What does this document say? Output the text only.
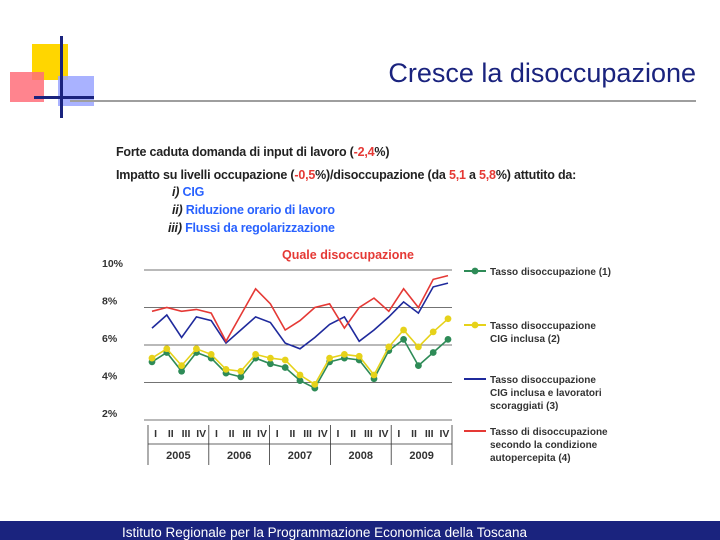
Cresce la disoccupazione
Forte caduta domanda di input di lavoro (-2,4%)
Impatto su livelli occupazione (-0,5%)/disoccupazione (da 5,1 a 5,8%) attutito da:
i) CIG
ii) Riduzione orario di lavoro
iii) Flussi da regolarizzazione
Quale disoccupazione
10%
8%
6%
4%
2%
I II III IV I II III IV I II III IV I II III IV I II III IV
2005	2006	2007	2008	2009
Tasso disoccupazione (1)
Tasso disoccupazione CIG inclusa (2)
Tasso disoccupazione CIG inclusa e lavoratori scoraggiati (3)
Tasso di disoccupazione secondo la condizione autopercepita (4)
Istituto Regionale per la Programmazione Economica della Toscana
